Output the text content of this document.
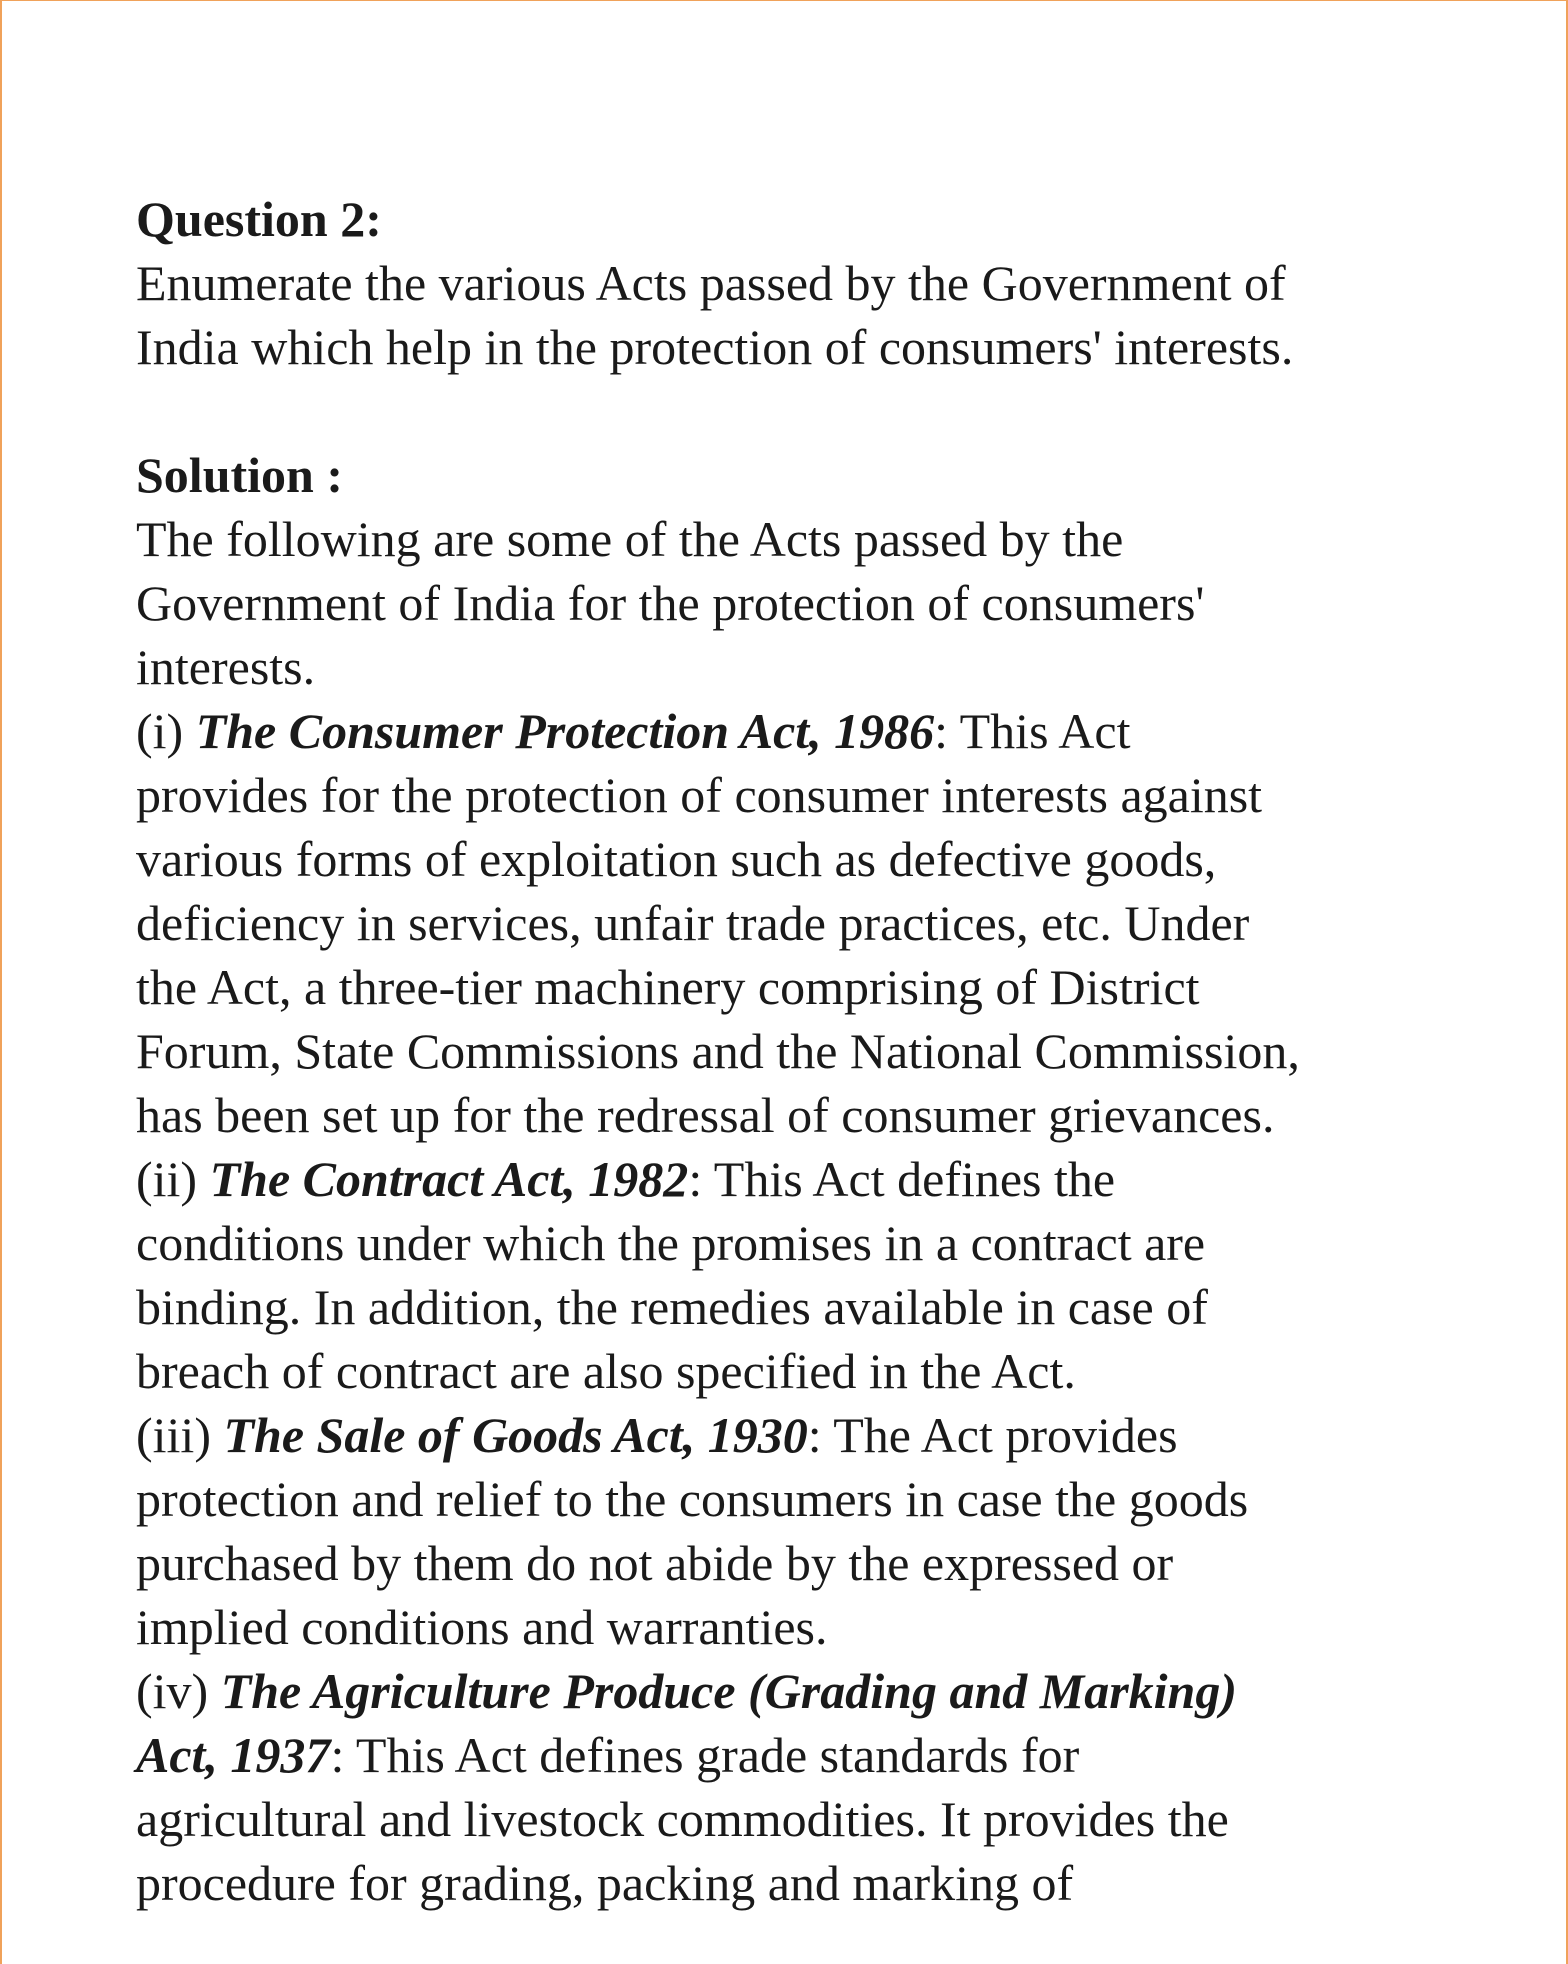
Question 2:
Enumerate the various Acts passed by the Government of
India which help in the protection of consumers' interests.
Solution :
The following are some of the Acts passed by the
Government of India for the protection of consumers'
interests.
(i) The Consumer Protection Act, 1986: This Act
provides for the protection of consumer interests against
various forms of exploitation such as defective goods,
deficiency in services, unfair trade practices, etc. Under
the Act, a three-tier machinery comprising of District
Forum, State Commissions and the National Commission,
has been set up for the redressal of consumer grievances.
(ii) The Contract Act, 1982: This Act defines the
conditions under which the promises in a contract are
binding. In addition, the remedies available in case of
breach of contract are also specified in the Act.
(iii) The Sale of Goods Act, 1930: The Act provides
protection and relief to the consumers in case the goods
purchased by them do not abide by the expressed or
implied conditions and warranties.
(iv) The Agriculture Produce (Grading and Marking)
Act, 1937: This Act defines grade standards for
agricultural and livestock commodities. It provides the
procedure for grading, packing and marking of
